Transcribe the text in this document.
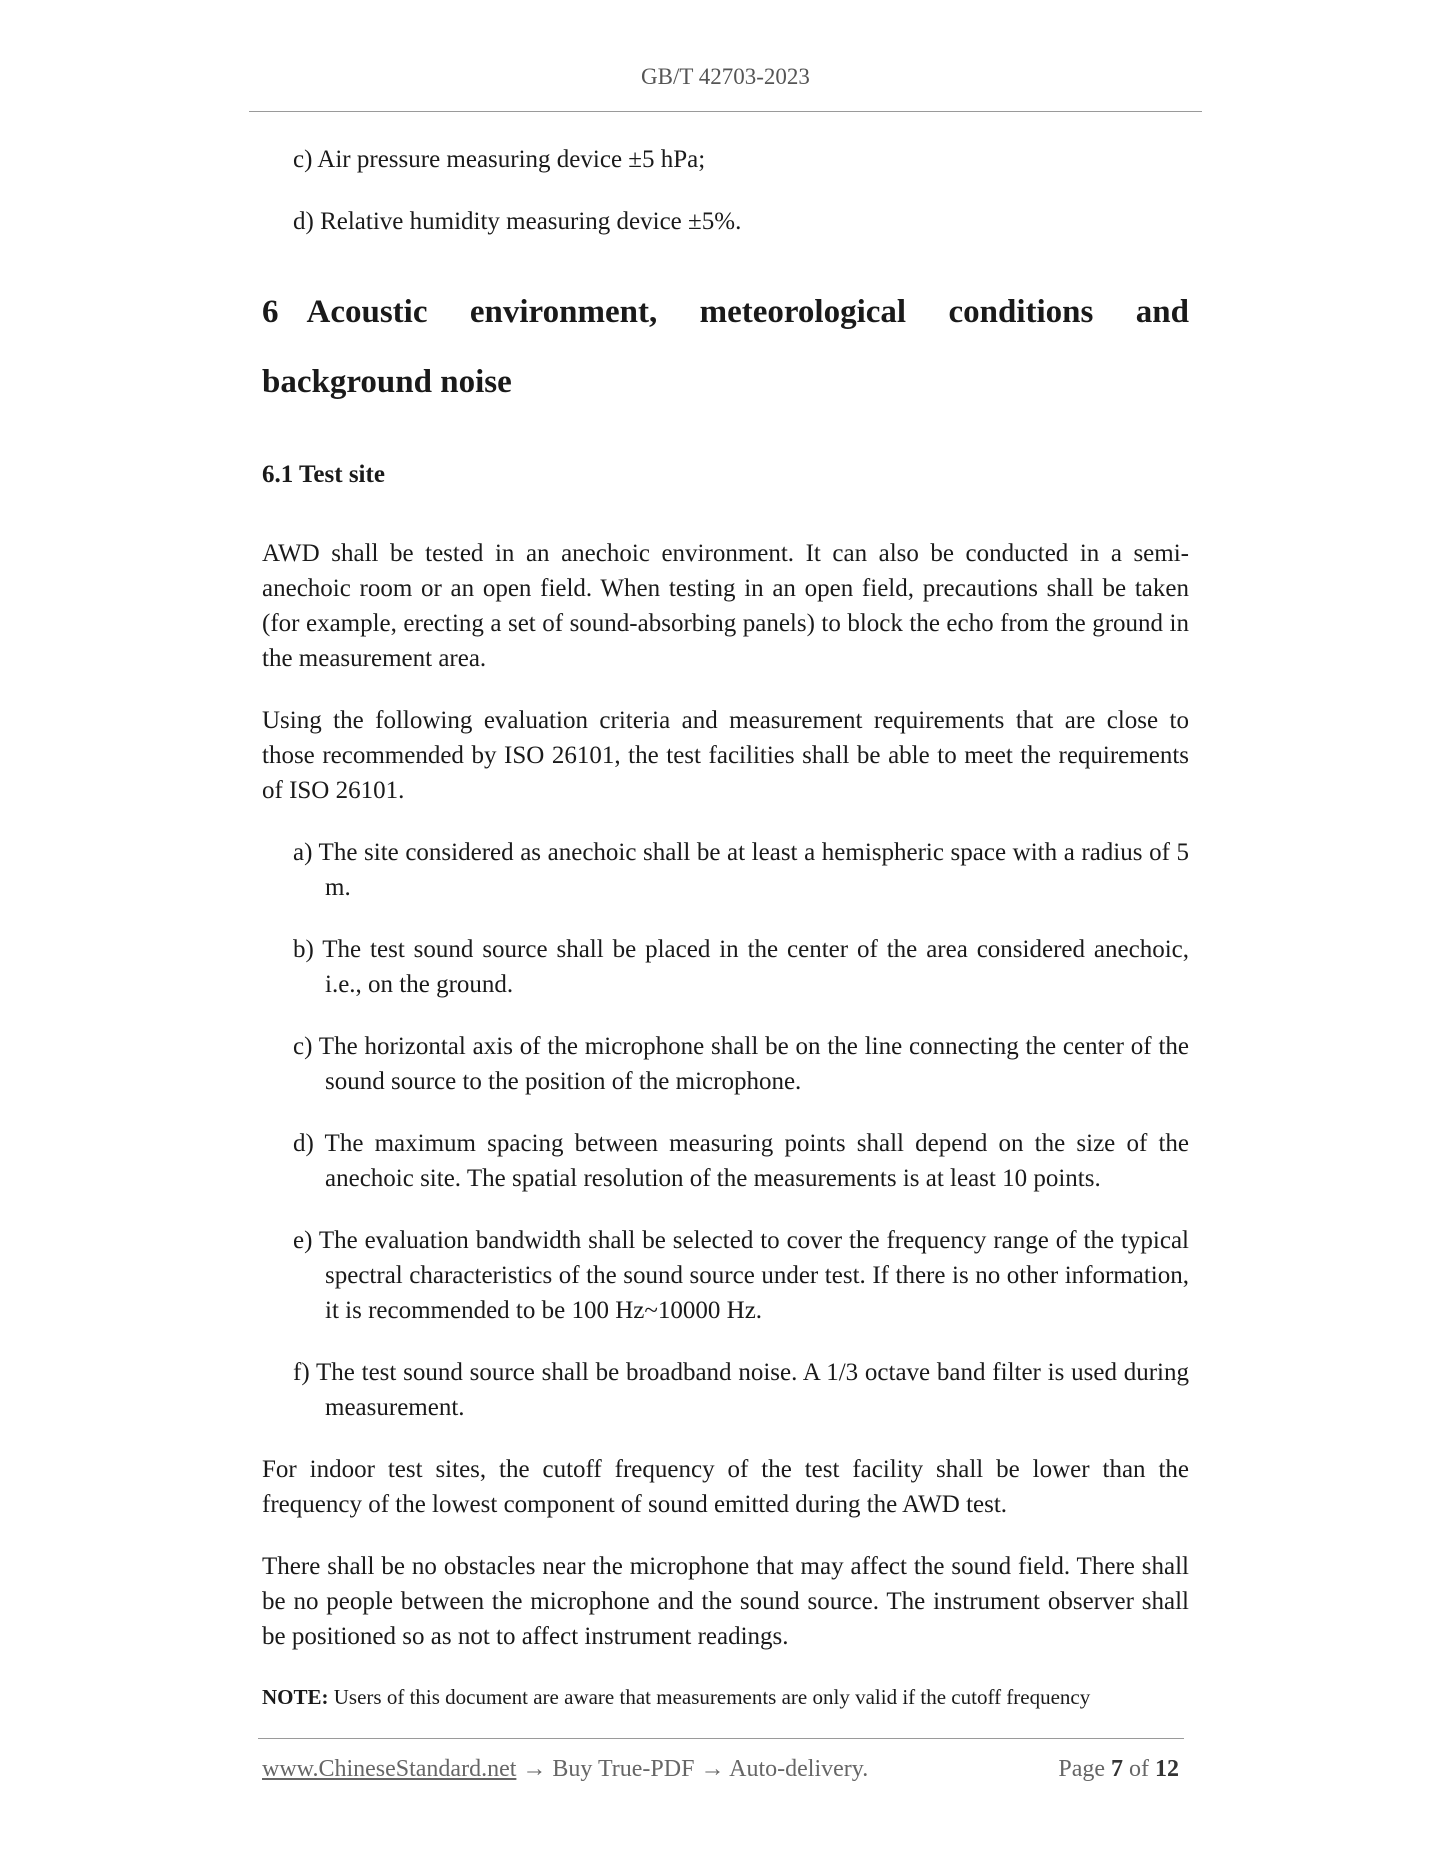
GB/T 42703-2023

c) Air pressure measuring device ±5 hPa;

d) Relative humidity measuring device ±5%.

6 Acoustic environment, meteorological conditions and background noise
6.1 Test site

AWD shall be tested in an anechoic environment. It can also be conducted in a semi-anechoic room or an open field. When testing in an open field, precautions shall be taken (for example, erecting a set of sound-absorbing panels) to block the echo from the ground in the measurement area.

Using the following evaluation criteria and measurement requirements that are close to those recommended by ISO 26101, the test facilities shall be able to meet the requirements of ISO 26101.

a) The site considered as anechoic shall be at least a hemispheric space with a radius of 5 m.

b) The test sound source shall be placed in the center of the area considered anechoic, i.e., on the ground.

c) The horizontal axis of the microphone shall be on the line connecting the center of the sound source to the position of the microphone.

d) The maximum spacing between measuring points shall depend on the size of the anechoic site. The spatial resolution of the measurements is at least 10 points.

e) The evaluation bandwidth shall be selected to cover the frequency range of the typical spectral characteristics of the sound source under test. If there is no other information, it is recommended to be 100 Hz~10000 Hz.

f) The test sound source shall be broadband noise. A 1/3 octave band filter is used during measurement.

For indoor test sites, the cutoff frequency of the test facility shall be lower than the frequency of the lowest component of sound emitted during the AWD test.

There shall be no obstacles near the microphone that may affect the sound field. There shall be no people between the microphone and the sound source. The instrument observer shall be positioned so as not to affect instrument readings.

NOTE: Users of this document are aware that measurements are only valid if the cutoff frequency

www.ChineseStandard.net → Buy True-PDF → Auto-delivery.	Page 7 of 12
